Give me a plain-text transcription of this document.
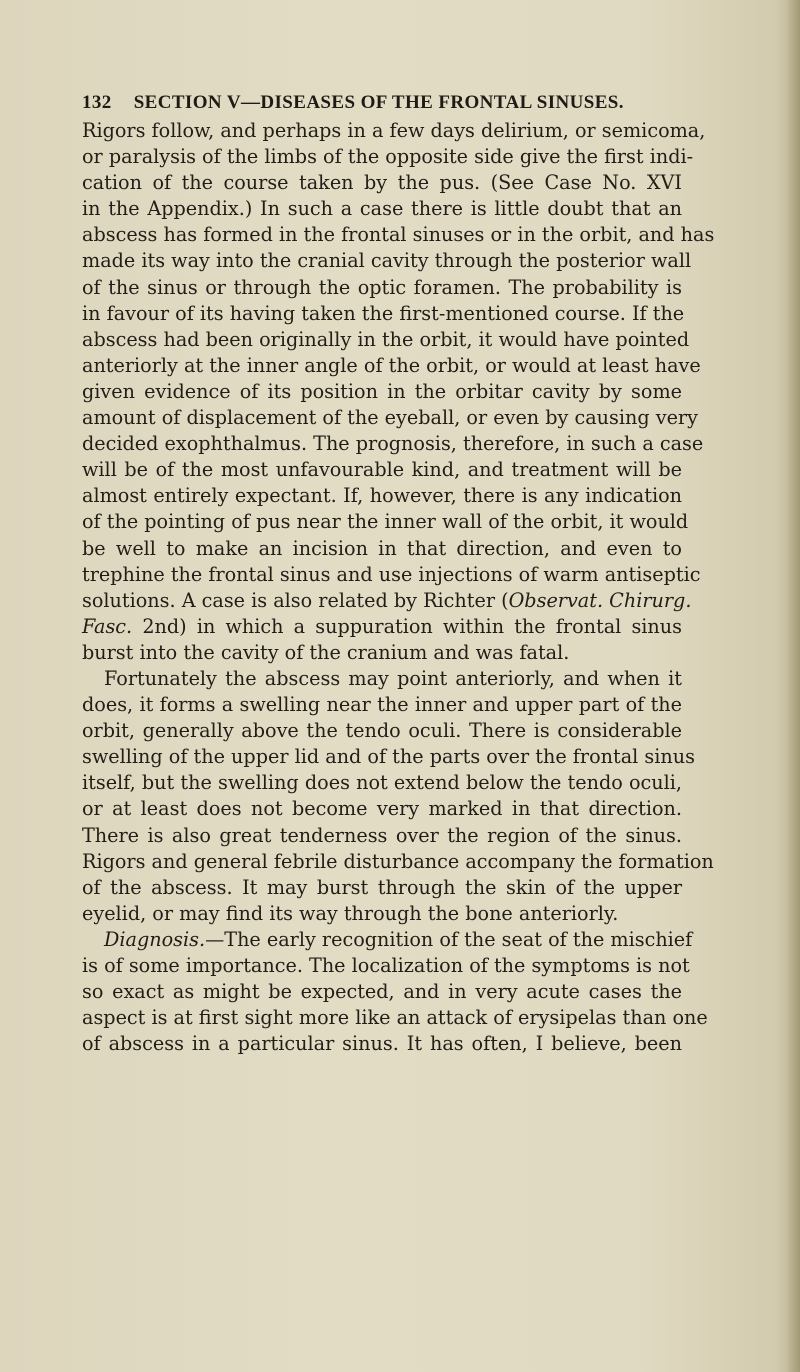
132 SECTION V—DISEASES OF THE FRONTAL SINUSES.

Rigors follow, and perhaps in a few days delirium, or semicoma,

or paralysis of the limbs of the opposite side give the first indi-

cation of the course taken by the pus. (See Case No. XVI

in the Appendix.) In such a case there is little doubt that an

abscess has formed in the frontal sinuses or in the orbit, and has

made its way into the cranial cavity through the posterior wall

of the sinus or through the optic foramen. The probability is

in favour of its having taken the first-mentioned course. If the

abscess had been originally in the orbit, it would have pointed

anteriorly at the inner angle of the orbit, or would at least have

given evidence of its position in the orbitar cavity by some

amount of displacement of the eyeball, or even by causing very

decided exophthalmus. The prognosis, therefore, in such a case

will be of the most unfavourable kind, and treatment will be

almost entirely expectant. If, however, there is any indication

of the pointing of pus near the inner wall of the orbit, it would

be well to make an incision in that direction, and even to

trephine the frontal sinus and use injections of warm antiseptic

solutions. A case is also related by Richter (Observat. Chirurg.

Fasc. 2nd) in which a suppuration within the frontal sinus

burst into the cavity of the cranium and was fatal.

Fortunately the abscess may point anteriorly, and when it

does, it forms a swelling near the inner and upper part of the

orbit, generally above the tendo oculi. There is considerable

swelling of the upper lid and of the parts over the frontal sinus

itself, but the swelling does not extend below the tendo oculi,

or at least does not become very marked in that direction.

There is also great tenderness over the region of the sinus.

Rigors and general febrile disturbance accompany the formation

of the abscess. It may burst through the skin of the upper

eyelid, or may find its way through the bone anteriorly.

Diagnosis.—The early recognition of the seat of the mischief

is of some importance. The localization of the symptoms is not

so exact as might be expected, and in very acute cases the

aspect is at first sight more like an attack of erysipelas than one

of abscess in a particular sinus. It has often, I believe, been
